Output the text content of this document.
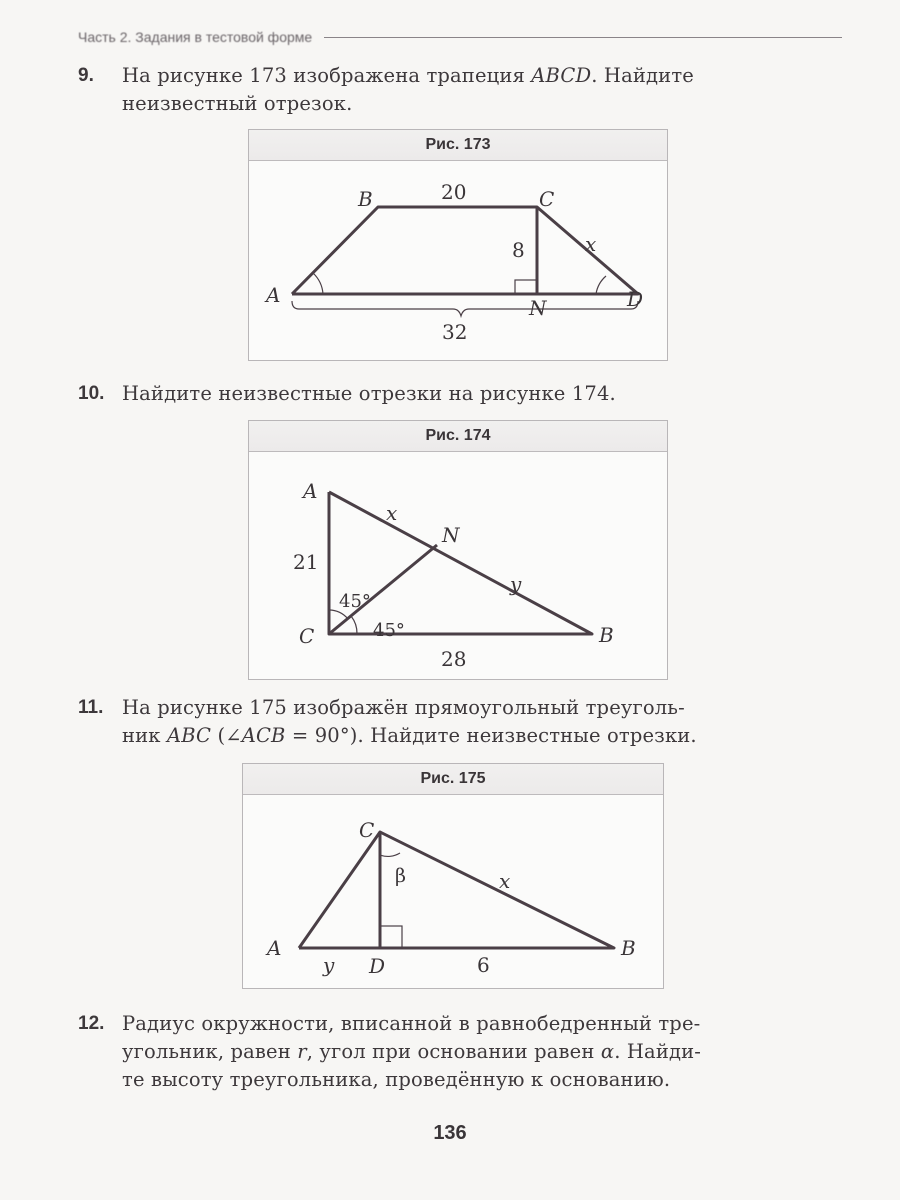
Часть 2. Задания в тестовой форме
9.	На рисунке 173 изображена трапеция ABCD. Найдите
неизвестный отрезок.
Рис. 173
A
B	C
D
N
20
8	x
32
10. Найдите неизвестные отрезки на рисунке 174.
Рис. 174
A
B
C
N
21
28
x
y
45°
45°
11. На рисунке 175 изображён прямоугольный треуголь-
ник ABC (∠ACB = 90°). Найдите неизвестные отрезки.
Рис. 175
A	B
C
D
β	x
y	6
12. Радиус окружности, вписанной в равнобедренный тре-
угольник, равен r, угол при основании равен α. Найди-
те высоту треугольника, проведённую к основанию.
136
